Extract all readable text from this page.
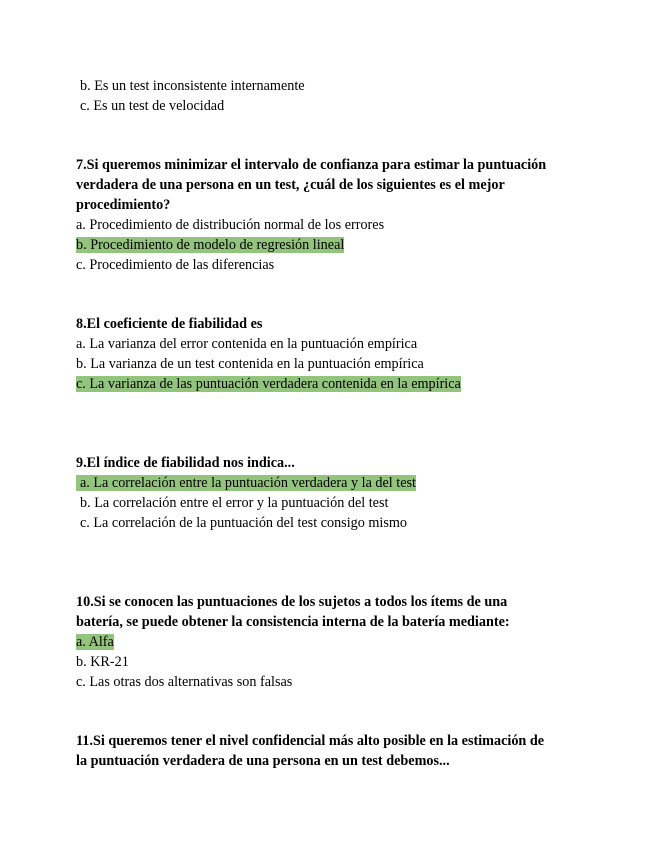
b. Es un test inconsistente internamente
c. Es un test de velocidad
7.Si queremos minimizar el intervalo de confianza para estimar la puntuación
verdadera de una persona en un test, ¿cuál de los siguientes es el mejor
procedimiento?
a. Procedimiento de distribución normal de los errores
b. Procedimiento de modelo de regresión lineal
c. Procedimiento de las diferencias
8.El coeficiente de fiabilidad es
a. La varianza del error contenida en la puntuación empírica
b. La varianza de un test contenida en la puntuación empírica
c. La varianza de las puntuación verdadera contenida en la empírica
9.El índice de fiabilidad nos indica...
a. La correlación entre la puntuación verdadera y la del test
b. La correlación entre el error y la puntuación del test
c. La correlación de la puntuación del test consigo mismo
10.Si se conocen las puntuaciones de los sujetos a todos los ítems de una
batería, se puede obtener la consistencia interna de la batería mediante:
a. Alfa
b. KR-21
c. Las otras dos alternativas son falsas
11.Si queremos tener el nivel confidencial más alto posible en la estimación de
la puntuación verdadera de una persona en un test debemos...
